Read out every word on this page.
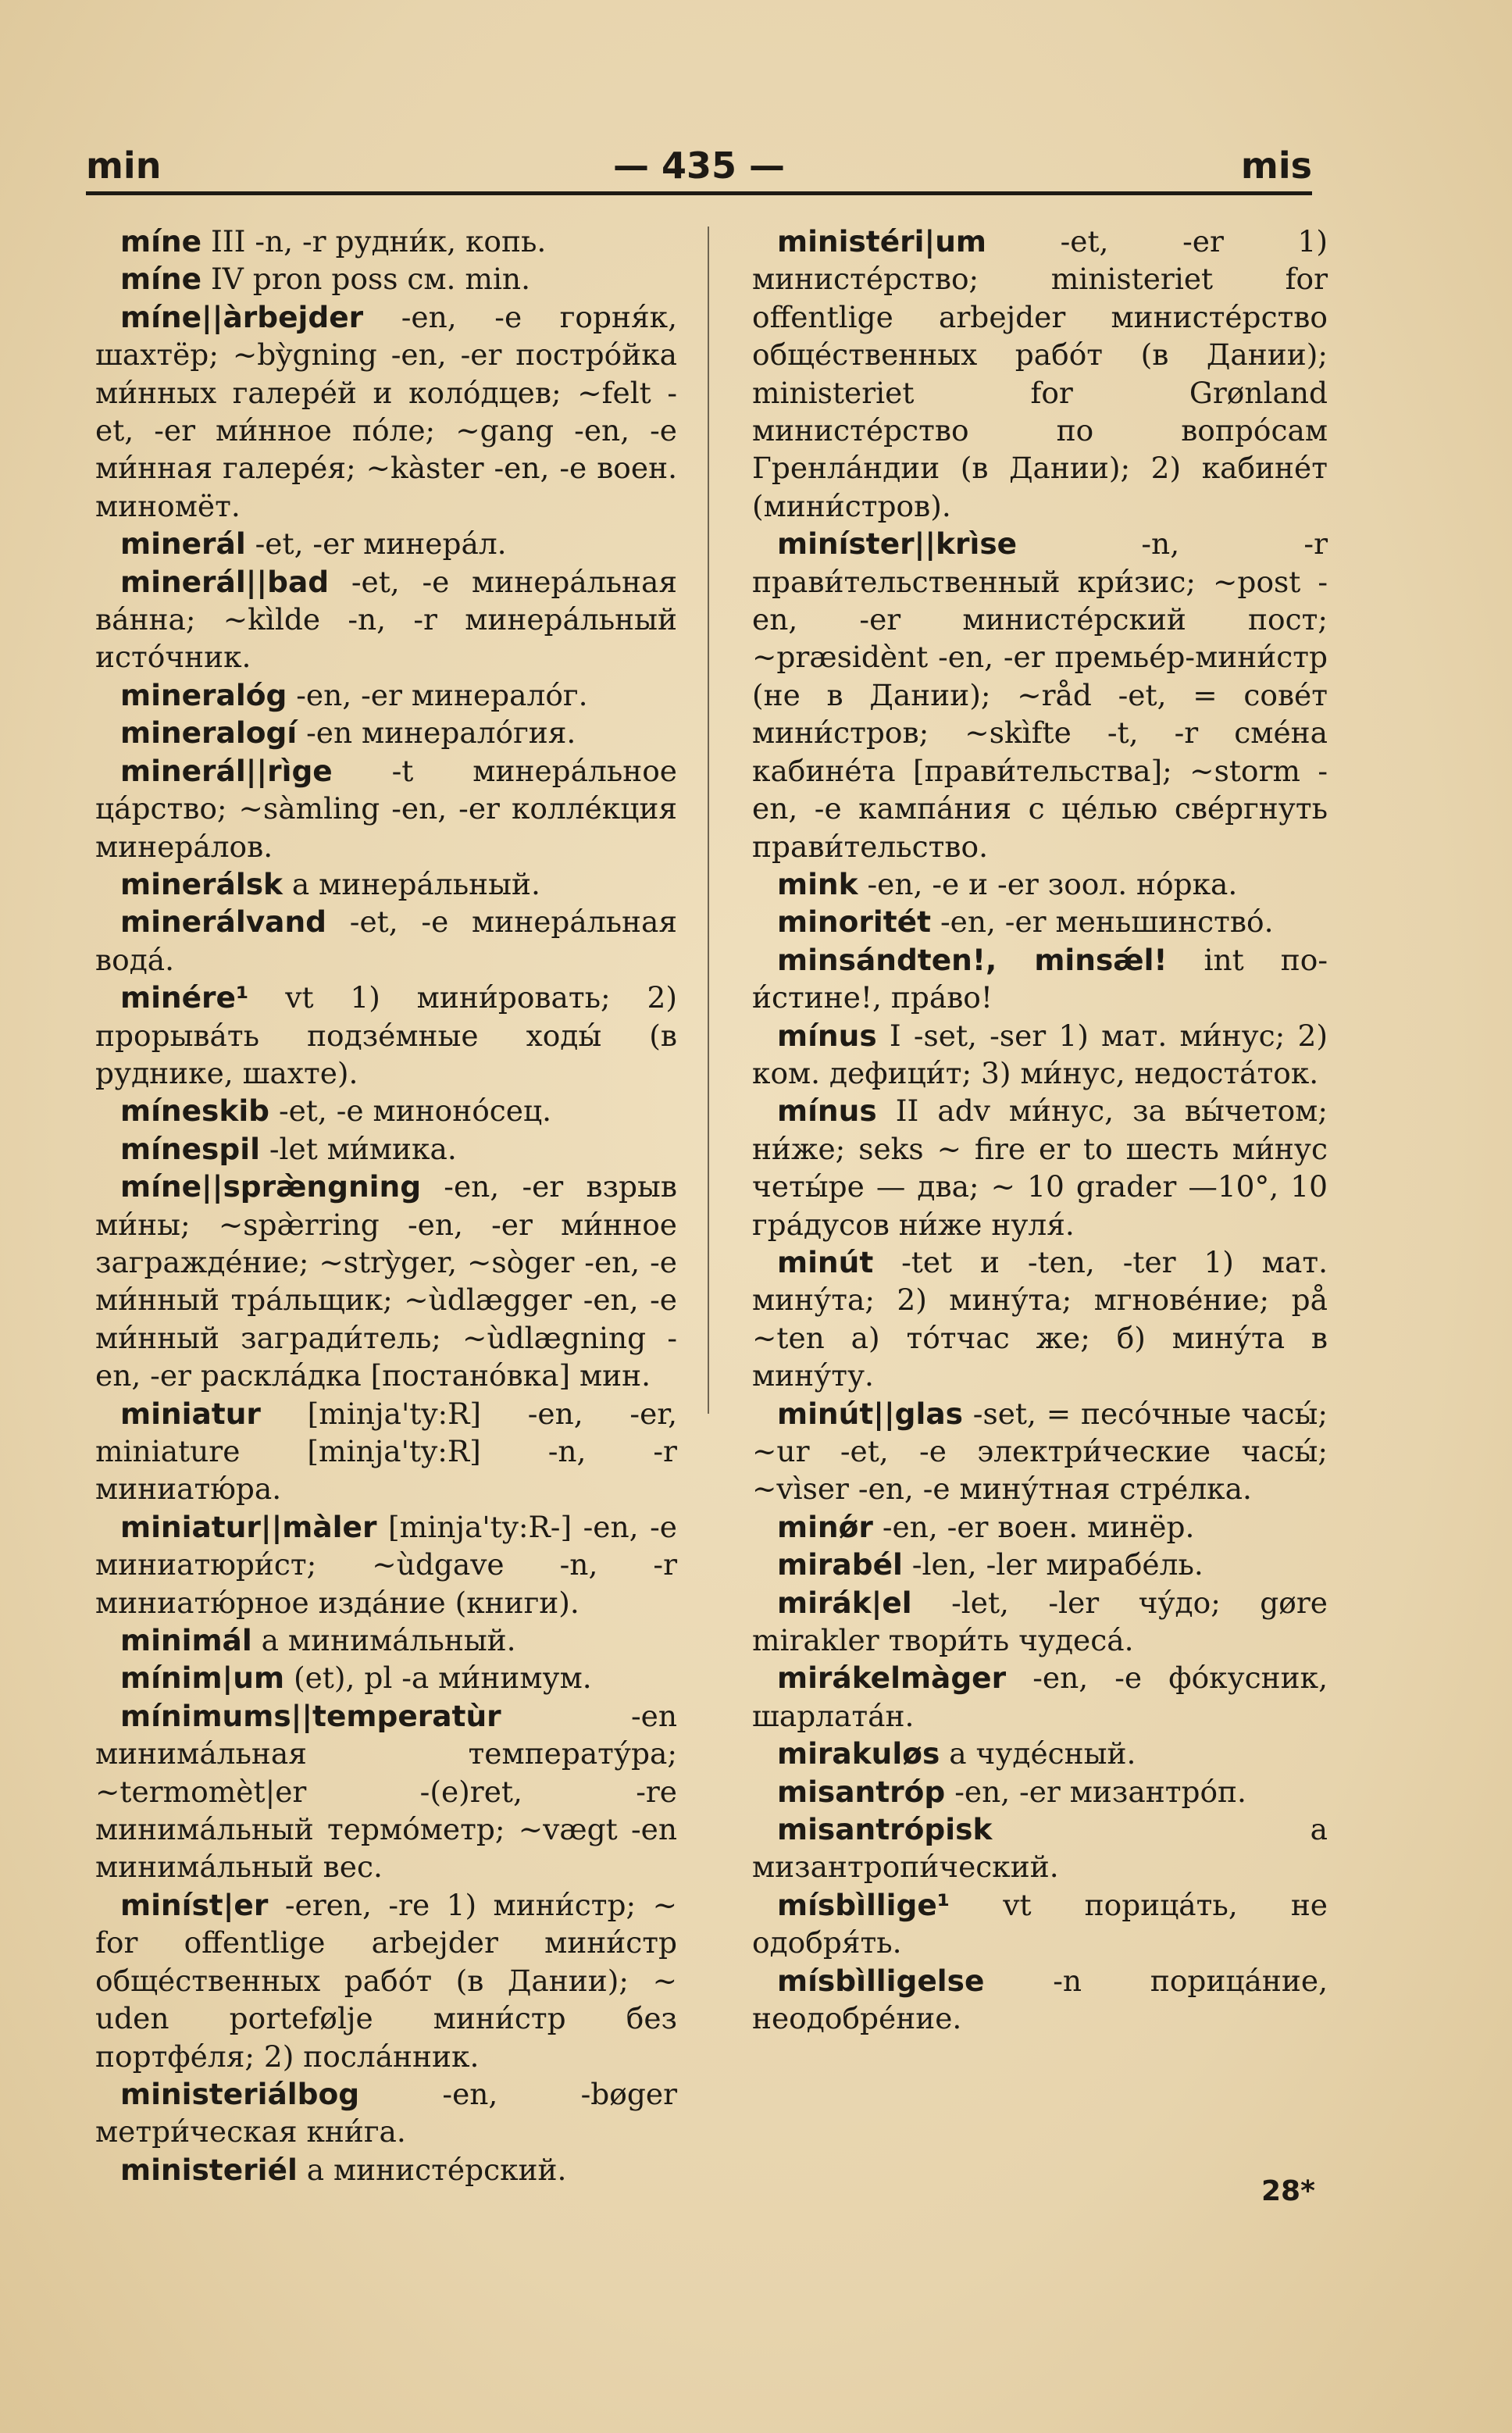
min	— 435 —	mis

míne III -n, -r рудни́к, копь.

míne IV pron poss см. min.

míne||àrbejder -en, -e горня́к, шахтёр; ~bỳgning -en, -er постро́йка ми́нных галере́й и коло́дцев; ~felt -et, -er ми́нное по́ле; ~gang -en, -e ми́нная галере́я; ~kàster -en, -e воен. миномёт.

minerál -et, -er минера́л.

minerál||bad -et, -e минера́льная ва́нна; ~kìlde -n, -r минера́льный исто́чник.

mineralóg -en, -er минерало́г.

mineralogí -en минерало́гия.

minerál||rìge -t минера́льное ца́рство; ~sàmling -en, -er колле́кция минера́лов.

minerálsk a минера́льный.

minerálvand -et, -e минера́льная вода́.

minére¹ vt 1) мини́ровать; 2) прорыва́ть подзе́мные ходы́ (в руднике, шахте).

míneskib -et, -e миноно́сец.

mínespil -let ми́мика.

míne||spræ̀ngning -en, -er взрыв ми́ны; ~spæ̀rring -en, -er ми́нное загражде́ние; ~strỳger, ~sòger -en, -e ми́нный тра́льщик; ~ùdlægger -en, -e ми́нный загради́тель; ~ùdlægning -en, -er раскла́дка [постано́вка] мин.

miniatur [minja'ty:R] -en, -er, miniature [minja'ty:R] -n, -r миниатю́ра.

miniatur||màler [minja'ty:R-] -en, -e миниатюри́ст; ~ùdgave -n, -r миниатю́рное изда́ние (книги).

minimál a минима́льный.

mínim|um (et), pl -a ми́нимум.

mínimums||temperatùr	-en минима́льная температу́ра; ~termomèt|er -(e)ret, -re минима́льный термо́метр; ~vægt -en минима́льный вес.

miníst|er -eren, -re 1) мини́стр; ~ for offentlige arbejder мини́стр обще́ственных рабо́т (в Дании); ~ uden portefølje мини́стр без портфе́ля; 2) посла́нник.

ministeriálbog	-en, -bøger метри́ческая кни́га.

ministeriél a министе́рский.

ministéri|um	-et, -er 1) министе́рство; ministeriet for offentlige arbejder министе́рство обще́ственных рабо́т (в Дании); ministeriet for Grønland министе́рство по вопро́сам Гренла́ндии (в Дании); 2) кабине́т (мини́стров).

miníster||krìse	-n, -r прави́тельственный кри́зис; ~post -en, -er министе́рский пост; ~præsidènt -en, -er премье́р-мини́стр (не в Дании); ~råd -et, = сове́т мини́стров; ~skìfte -t, -r сме́на кабине́та [прави́тельства]; ~storm -en, -e кампа́ния с це́лью све́ргнуть прави́тельство.

mink -en, -e и -er зоол. но́рка.

minoritét -en, -er меньшинство́.

minsándten!, minsǽl! int по-и́стине!, пра́во!

mínus I -set, -ser 1) мат. ми́нус; 2) ком. дефици́т; 3) ми́нус, недоста́ток.

mínus II adv ми́нус, за вы́четом; ни́же; seks ~ fire er to шесть ми́нус четы́ре — два; ~ 10 grader —10°, 10 гра́дусов ни́же нуля́.

minút -tet и -ten, -ter 1) мат. мину́та; 2) мину́та; мгнове́ние; på ~ten а) то́тчас же; б) мину́та в мину́ту.

minút||glas -set, = песо́чные часы́; ~ur -et, -e электри́ческие часы́; ~vìser -en, -e мину́тная стре́лка.

minǿr -en, -er воен. минёр.

mirabél -len, -ler мирабе́ль.

mirák|el -let, -ler чу́до; gøre mirakler твори́ть чудеса́.

mirákelmàger -en, -e фо́кусник, шарлата́н.

mirakuløs a чуде́сный.

misantróp -en, -er мизантро́п.

misantrópisk	a мизантропи́ческий.

mísbìllige¹ vt порица́ть, не одобря́ть.

mísbìlligelse -n порица́ние, неодобре́ние.

28*
